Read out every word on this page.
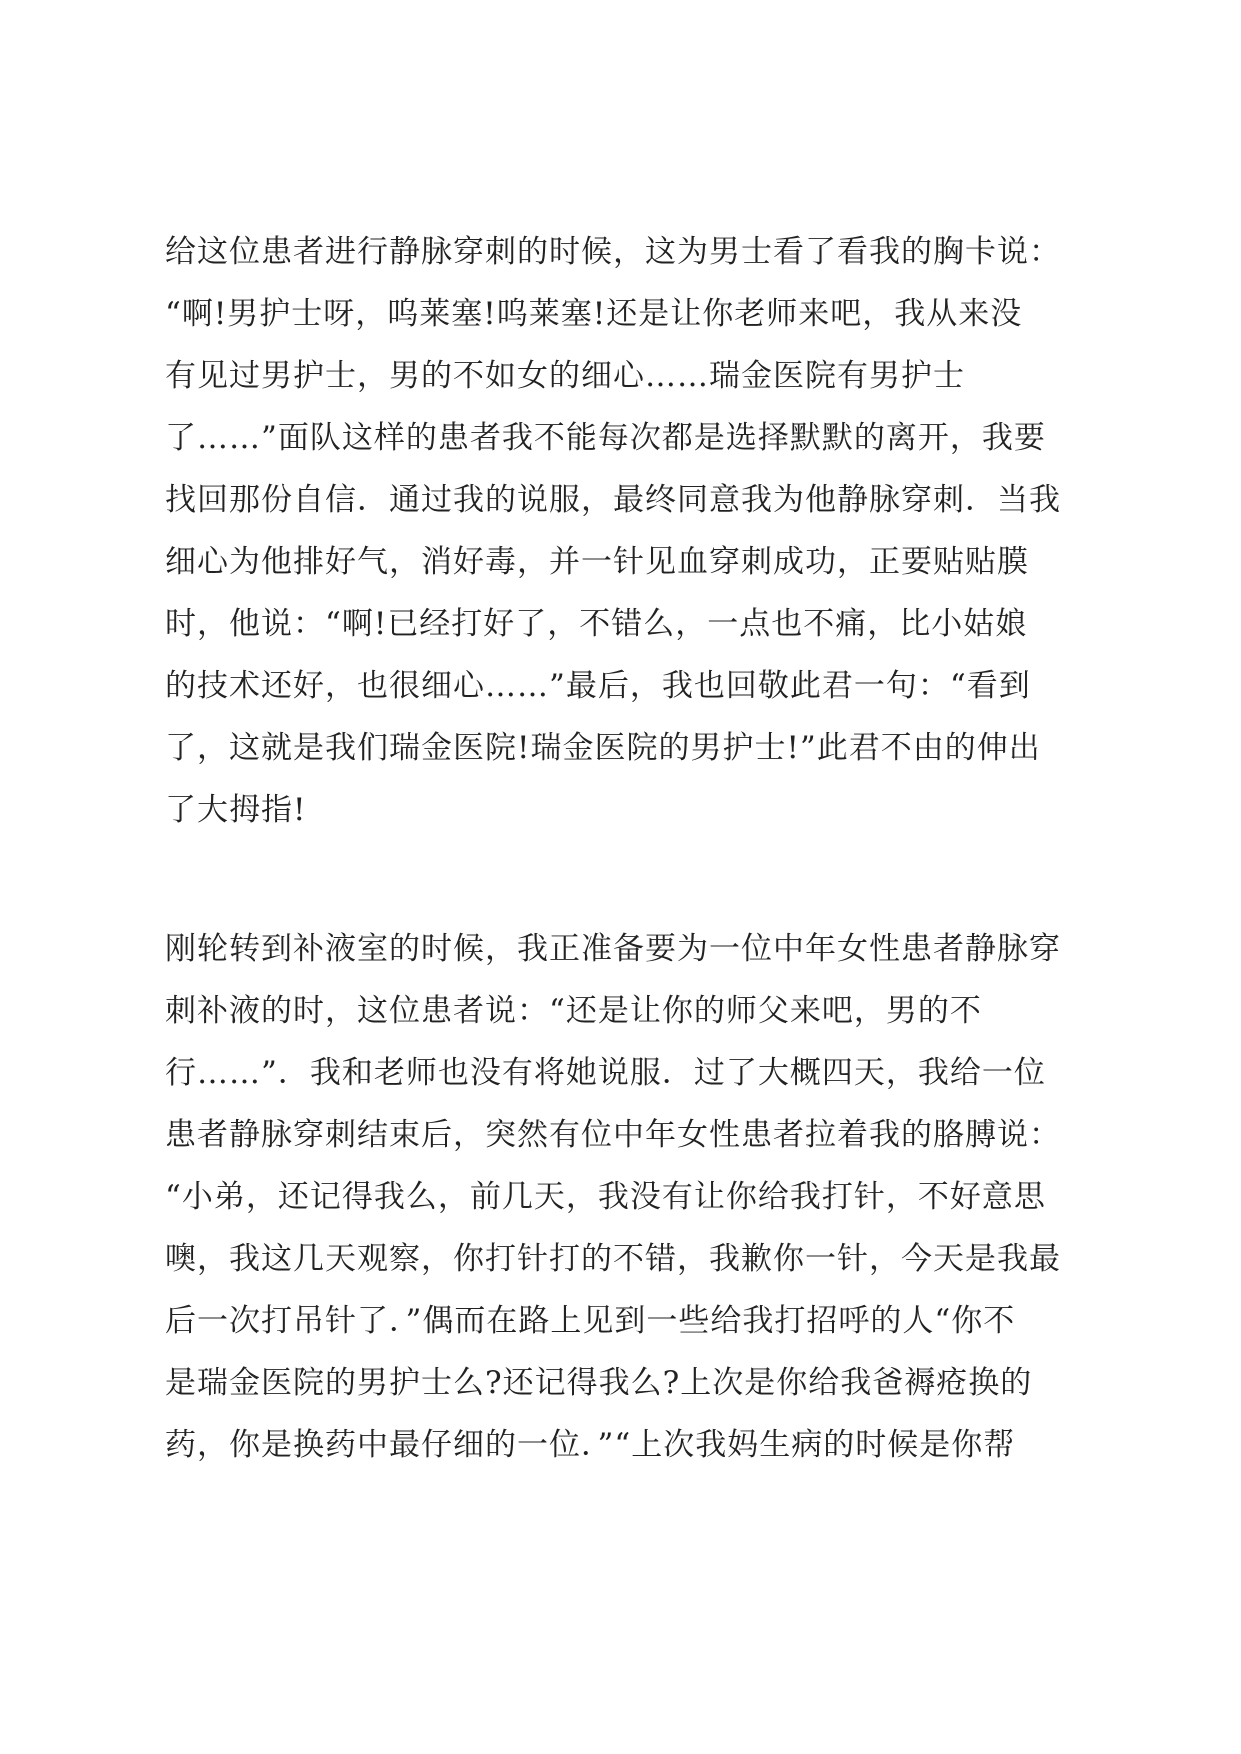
给这位患者进行静脉穿刺的时候，这为男士看了看我的胸卡说：
“啊!男护士呀，呜莱塞!呜莱塞!还是让你老师来吧，我从来没
有见过男护士，男的不如女的细心……瑞金医院有男护士
了……”面队这样的患者我不能每次都是选择默默的离开，我要
找回那份自信．通过我的说服，最终同意我为他静脉穿刺．当我
细心为他排好气，消好毒，并一针见血穿刺成功，正要贴贴膜
时，他说：“啊!已经打好了，不错么，一点也不痛，比小姑娘
的技术还好，也很细心……”最后，我也回敬此君一句：“看到
了，这就是我们瑞金医院!瑞金医院的男护士!”此君不由的伸出
了大拇指!
刚轮转到补液室的时候，我正准备要为一位中年女性患者静脉穿
刺补液的时，这位患者说：“还是让你的师父来吧，男的不
行……”．我和老师也没有将她说服．过了大概四天，我给一位
患者静脉穿刺结束后，突然有位中年女性患者拉着我的胳膊说：
“小弟，还记得我么，前几天，我没有让你给我打针，不好意思
噢，我这几天观察，你打针打的不错，我歉你一针，今天是我最
后一次打吊针了．”偶而在路上见到一些给我打招呼的人“你不
是瑞金医院的男护士么?还记得我么?上次是你给我爸褥疮换的
药，你是换药中最仔细的一位．”“上次我妈生病的时候是你帮
